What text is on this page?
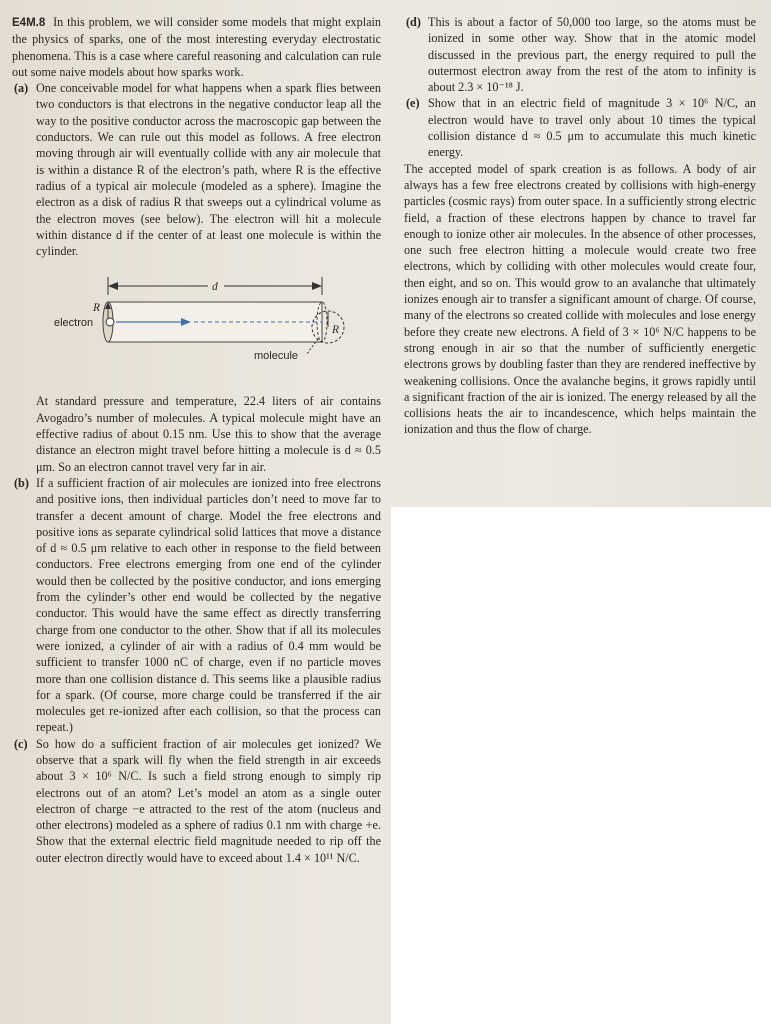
E4M.8 In this problem, we will consider some models that might explain the physics of sparks, one of the most interesting everyday electrostatic phenomena. This is a case where careful reasoning and calculation can rule out some naive models about how sparks work.

(a) One conceivable model for what happens when a spark flies between two conductors is that electrons in the negative conductor leap all the way to the positive conductor across the macroscopic gap between the conductors. We can rule out this model as follows. A free electron moving through air will eventually collide with any air molecule that is within a distance R of the electron’s path, where R is the effective radius of a typical air molecule (modeled as a sphere). Imagine the electron as a disk of radius R that sweeps out a cylindrical volume as the electron moves (see below). The electron will hit a molecule within distance d if the center of at least one molecule is within the cylinder.

d
R
electron
R
molecule

At standard pressure and temperature, 22.4 liters of air contains Avogadro’s number of molecules. A typical molecule might have an effective radius of about 0.15 nm. Use this to show that the average distance an electron might travel before hitting a molecule is d ≈ 0.5 μm. So an electron cannot travel very far in air.

(b) If a sufficient fraction of air molecules are ionized into free electrons and positive ions, then individual particles don’t need to move far to transfer a decent amount of charge. Model the free electrons and positive ions as separate cylindrical solid lattices that move a distance of d ≈ 0.5 μm relative to each other in response to the field between conductors. Free electrons emerging from one end of the cylinder would then be collected by the positive conductor, and ions emerging from the cylinder’s other end would be collected by the negative conductor. This would have the same effect as directly transferring charge from one conductor to the other. Show that if all its molecules were ionized, a cylinder of air with a radius of 0.4 mm would be sufficient to transfer 1000 nC of charge, even if no particle moves more than one collision distance d. This seems like a plausible radius for a spark. (Of course, more charge could be transferred if the air molecules get re-ionized after each collision, so that the process can repeat.)

(c) So how do a sufficient fraction of air molecules get ionized? We observe that a spark will fly when the field strength in air exceeds about 3 × 10⁶ N/C. Is such a field strong enough to simply rip electrons out of an atom? Let’s model an atom as a single outer electron of charge −e attracted to the rest of the atom (nucleus and other electrons) modeled as a sphere of radius 0.1 nm with charge +e. Show that the external electric field magnitude needed to rip off the outer electron directly would have to exceed about 1.4 × 10¹¹ N/C.

(d) This is about a factor of 50,000 too large, so the atoms must be ionized in some other way. Show that in the atomic model discussed in the previous part, the energy required to pull the outermost electron away from the rest of the atom to infinity is about 2.3 × 10⁻¹⁸ J.

(e) Show that in an electric field of magnitude 3 × 10⁶ N/C, an electron would have to travel only about 10 times the typical collision distance d ≈ 0.5 μm to accumulate this much kinetic energy.

The accepted model of spark creation is as follows. A body of air always has a few free electrons created by collisions with high-energy particles (cosmic rays) from outer space. In a sufficiently strong electric field, a fraction of these electrons happen by chance to travel far enough to ionize other air molecules. In the absence of other processes, one such free electron hitting a molecule would create two free electrons, which by colliding with other molecules would create four, then eight, and so on. This would grow to an avalanche that ultimately ionizes enough air to transfer a significant amount of charge. Of course, many of the electrons so created collide with molecules and lose energy before they create new electrons. A field of 3 × 10⁶ N/C happens to be strong enough in air so that the number of sufficiently energetic electrons grows by doubling faster than they are rendered ineffective by weakening collisions. Once the avalanche begins, it grows rapidly until a significant fraction of the air is ionized. The energy released by all the collisions heats the air to incandescence, which helps maintain the ionization and thus the flow of charge.
